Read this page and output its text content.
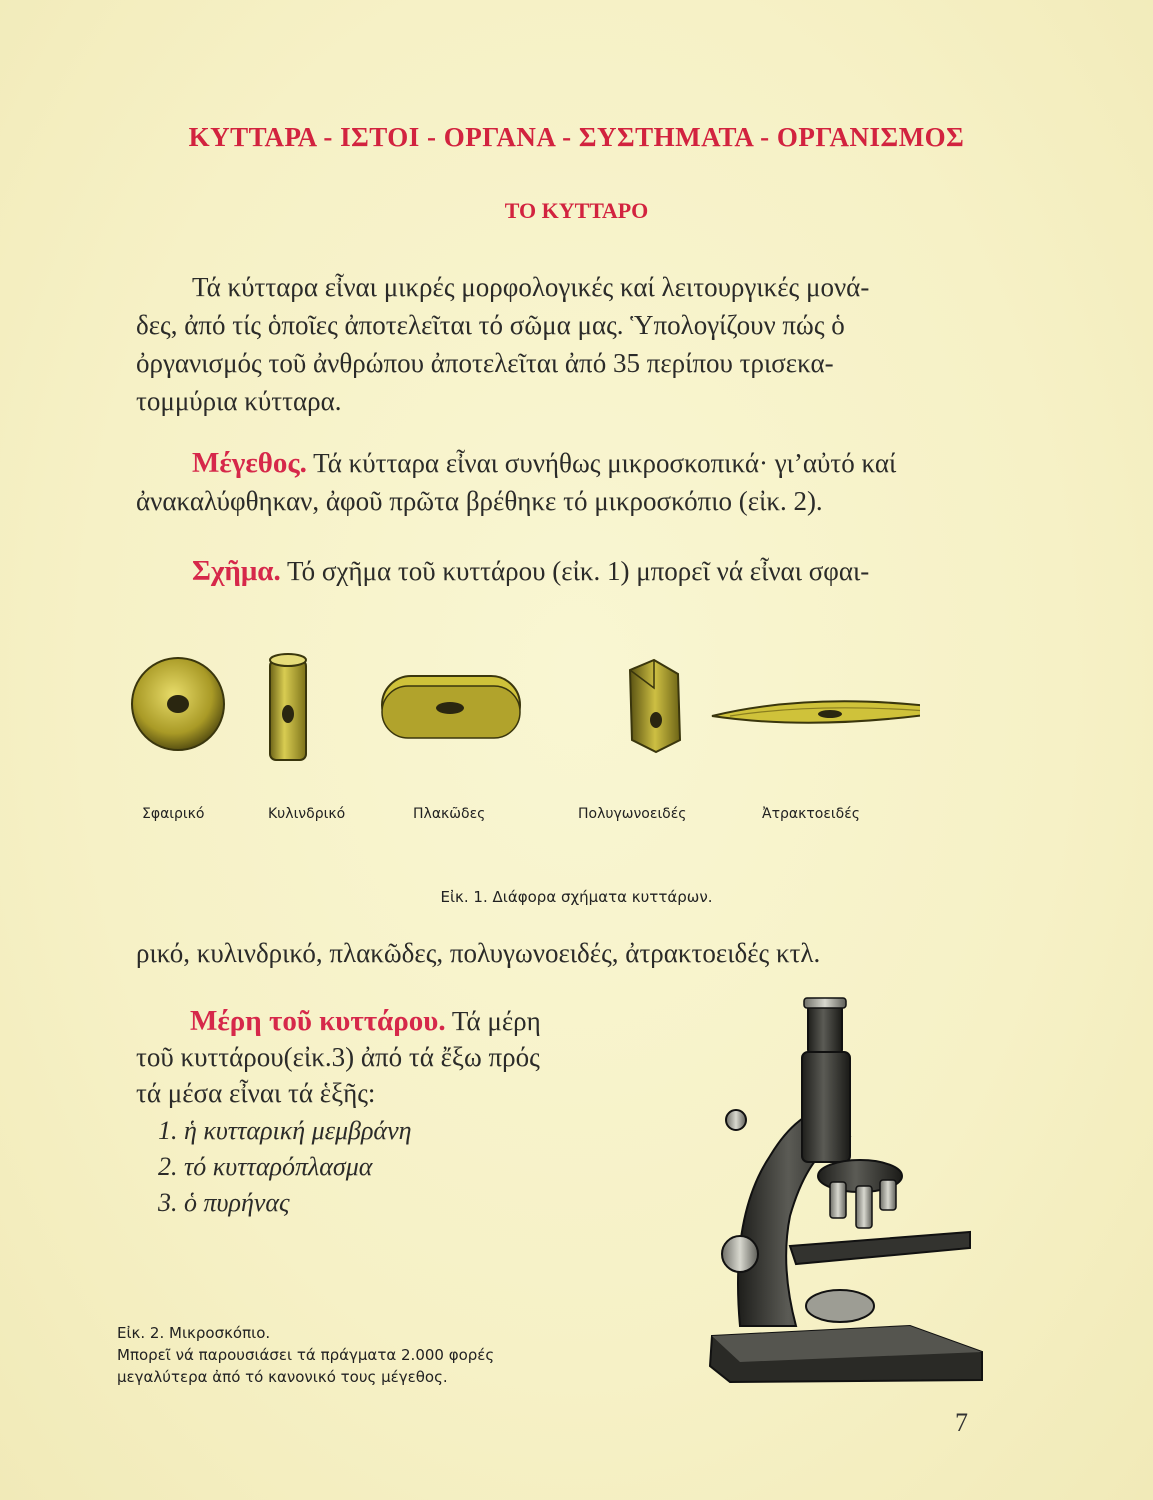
ΚΥΤΤΑΡΑ - ΙΣΤΟΙ - ΟΡΓΑΝΑ - ΣΥΣΤΗΜΑΤΑ - ΟΡΓΑΝΙΣΜΟΣ
ΤΟ ΚΥΤΤΑΡΟ
Τά κύτταρα εἶναι μικρές μορφολογικές καί λειτουργικές μονά-
δες, ἀπό τίς ὁποῖες ἀποτελεῖται τό σῶμα μας. Ὑπολογίζουν πώς ὁ
ὀργανισμός τοῦ ἀνθρώπου ἀποτελεῖται ἀπό 35 περίπου τρισεκα-
τομμύρια κύτταρα.
Μέγεθος. Τά κύτταρα εἶναι συνήθως μικροσκοπικά· γι’αὐτό καί
ἀνακαλύφθηκαν, ἀφοῦ πρῶτα βρέθηκε τό μικροσκόπιο (εἰκ. 2).
Σχῆμα. Τό σχῆμα τοῦ κυττάρου (εἰκ. 1) μπορεῖ νά εἶναι σφαι-
Σφαιρικό	Κυλινδρικό	Πλακῶδες	Πολυγωνοειδές	Ἀτρακτοειδές
Εἰκ. 1. Διάφορα σχήματα κυττάρων.
ρικό, κυλινδρικό, πλακῶδες, πολυγωνοειδές, ἀτρακτοειδές κτλ.
Μέρη τοῦ κυττάρου. Τά μέρη
τοῦ κυττάρου(εἰκ.3) ἀπό τά ἔξω πρός
τά μέσα εἶναι τά ἑξῆς:
1. ἡ κυτταρική μεμβράνη
2. τό κυτταρόπλασμα
3. ὁ πυρήνας
Εἰκ. 2. Μικροσκόπιο.
Μπορεῖ νά παρουσιάσει τά πράγματα 2.000 φορές
μεγαλύτερα ἀπό τό κανονικό τους μέγεθος.
7
